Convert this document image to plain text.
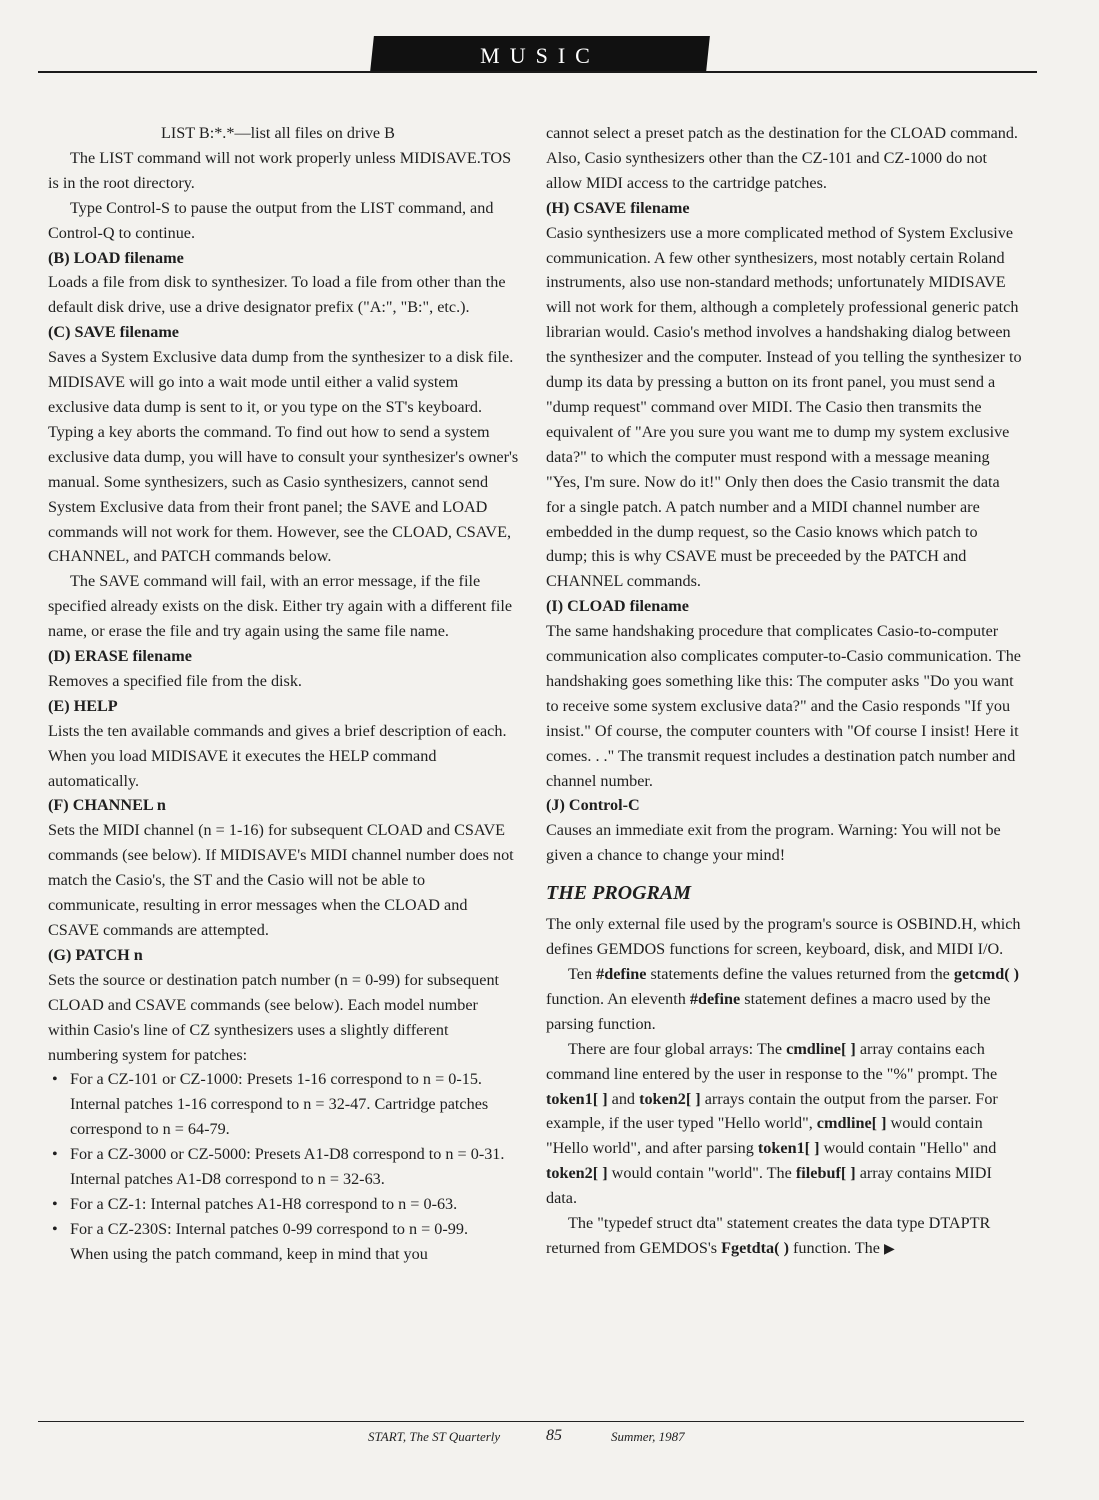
MUSIC

LIST B:*.*—list all files on drive B

The LIST command will not work properly unless MIDISAVE.TOS is in the root directory.

Type Control-S to pause the output from the LIST command, and Control-Q to continue.

(B) LOAD filename

Loads a file from disk to synthesizer. To load a file from other than the default disk drive, use a drive designator prefix ("A:", "B:", etc.).

(C) SAVE filename

Saves a System Exclusive data dump from the synthesizer to a disk file. MIDISAVE will go into a wait mode until either a valid system exclusive data dump is sent to it, or you type on the ST's keyboard. Typing a key aborts the command. To find out how to send a system exclusive data dump, you will have to consult your synthesizer's owner's manual. Some synthesizers, such as Casio synthesizers, cannot send System Exclusive data from their front panel; the SAVE and LOAD commands will not work for them. However, see the CLOAD, CSAVE, CHANNEL, and PATCH commands below.

The SAVE command will fail, with an error message, if the file specified already exists on the disk. Either try again with a different file name, or erase the file and try again using the same file name.

(D) ERASE filename

Removes a specified file from the disk.

(E) HELP

Lists the ten available commands and gives a brief description of each. When you load MIDISAVE it executes the HELP command automatically.

(F) CHANNEL n

Sets the MIDI channel (n = 1-16) for subsequent CLOAD and CSAVE commands (see below). If MIDISAVE's MIDI channel number does not match the Casio's, the ST and the Casio will not be able to communicate, resulting in error messages when the CLOAD and CSAVE commands are attempted.

(G) PATCH n

Sets the source or destination patch number (n = 0-99) for subsequent CLOAD and CSAVE commands (see below). Each model number within Casio's line of CZ synthesizers uses a slightly different numbering system for patches:

• For a CZ-101 or CZ-1000: Presets 1-16 correspond to n = 0-15. Internal patches 1-16 correspond to n = 32-47. Cartridge patches correspond to n = 64-79.
• For a CZ-3000 or CZ-5000: Presets A1-D8 correspond to n = 0-31. Internal patches A1-D8 correspond to n = 32-63.
• For a CZ-1: Internal patches A1-H8 correspond to n = 0-63.
• For a CZ-230S: Internal patches 0-99 correspond to n = 0-99.

When using the patch command, keep in mind that you

cannot select a preset patch as the destination for the CLOAD command. Also, Casio synthesizers other than the CZ-101 and CZ-1000 do not allow MIDI access to the cartridge patches.

(H) CSAVE filename

Casio synthesizers use a more complicated method of System Exclusive communication. A few other synthesizers, most notably certain Roland instruments, also use non-standard methods; unfortunately MIDISAVE will not work for them, although a completely professional generic patch librarian would. Casio's method involves a handshaking dialog between the synthesizer and the computer. Instead of you telling the synthesizer to dump its data by pressing a button on its front panel, you must send a "dump request" command over MIDI. The Casio then transmits the equivalent of "Are you sure you want me to dump my system exclusive data?" to which the computer must respond with a message meaning "Yes, I'm sure. Now do it!" Only then does the Casio transmit the data for a single patch. A patch number and a MIDI channel number are embedded in the dump request, so the Casio knows which patch to dump; this is why CSAVE must be preceeded by the PATCH and CHANNEL commands.

(I) CLOAD filename

The same handshaking procedure that complicates Casio-to-computer communication also complicates computer-to-Casio communication. The handshaking goes something like this: The computer asks "Do you want to receive some system exclusive data?" and the Casio responds "If you insist." Of course, the computer counters with "Of course I insist! Here it comes. . ." The transmit request includes a destination patch number and channel number.

(J) Control-C

Causes an immediate exit from the program. Warning: You will not be given a chance to change your mind!

THE PROGRAM

The only external file used by the program's source is OSBIND.H, which defines GEMDOS functions for screen, keyboard, disk, and MIDI I/O.

Ten #define statements define the values returned from the getcmd( ) function. An eleventh #define statement defines a macro used by the parsing function.

There are four global arrays: The cmdline[ ] array contains each command line entered by the user in response to the "%" prompt. The token1[ ] and token2[ ] arrays contain the output from the parser. For example, if the user typed "Hello world", cmdline[ ] would contain "Hello world", and after parsing token1[ ] would contain "Hello" and token2[ ] would contain "world". The filebuf[ ] array contains MIDI data.

The "typedef struct dta" statement creates the data type DTAPTR returned from GEMDOS's Fgetdta( ) function. The ▶

START, The ST Quarterly	85	Summer, 1987
